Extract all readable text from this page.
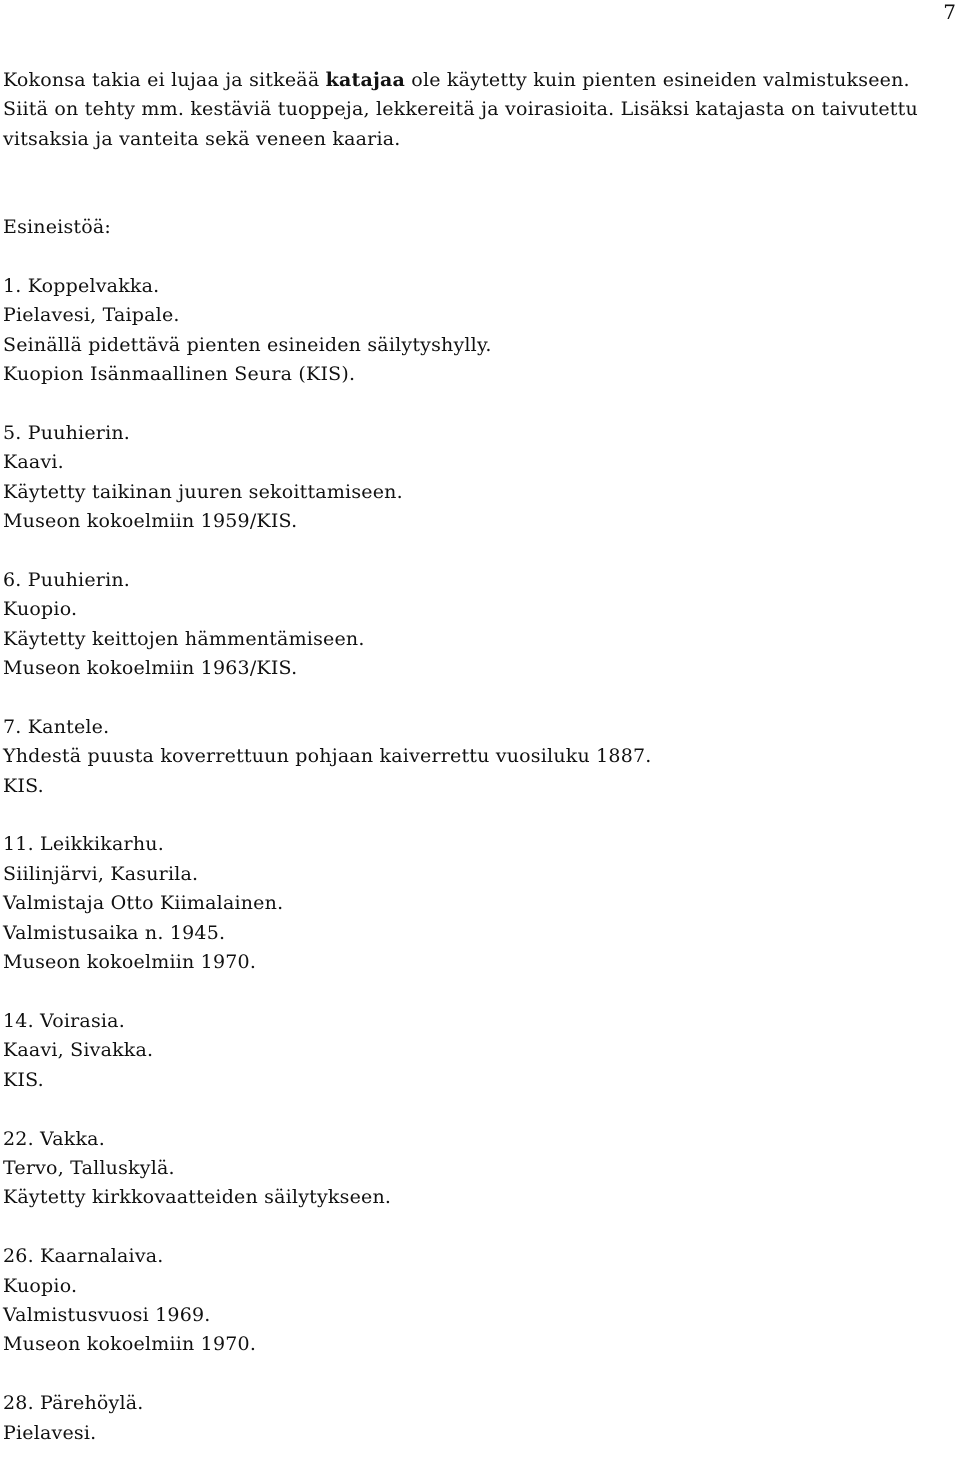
7

Kokonsa takia ei lujaa ja sitkeää katajaa ole käytetty kuin pienten esineiden valmistukseen. Siitä on tehty mm. kestäviä tuoppeja, lekkereitä ja voirasioita. Lisäksi katajasta on taivutettu vitsaksia ja vanteita sekä veneen kaaria.

Esineistöä:
1. Koppelvakka.
Pielavesi, Taipale.
Seinällä pidettävä pienten esineiden säilytyshylly.
Kuopion Isänmaallinen Seura (KIS).
5. Puuhierin.
Kaavi.
Käytetty taikinan juuren sekoittamiseen.
Museon kokoelmiin 1959/KIS.
6. Puuhierin.
Kuopio.
Käytetty keittojen hämmentämiseen.
Museon kokoelmiin 1963/KIS.
7. Kantele.
Yhdestä puusta koverrettuun pohjaan kaiverrettu vuosiluku 1887.
KIS.
11. Leikkikarhu.
Siilinjärvi, Kasurila.
Valmistaja Otto Kiimalainen.
Valmistusaika n. 1945.
Museon kokoelmiin 1970.
14. Voirasia.
Kaavi, Sivakka.
KIS.
22. Vakka.
Tervo, Talluskylä.
Käytetty kirkkovaatteiden säilytykseen.
26. Kaarnalaiva.
Kuopio.
Valmistusvuosi 1969.
Museon kokoelmiin 1970.
28. Pärehöylä.
Pielavesi.
